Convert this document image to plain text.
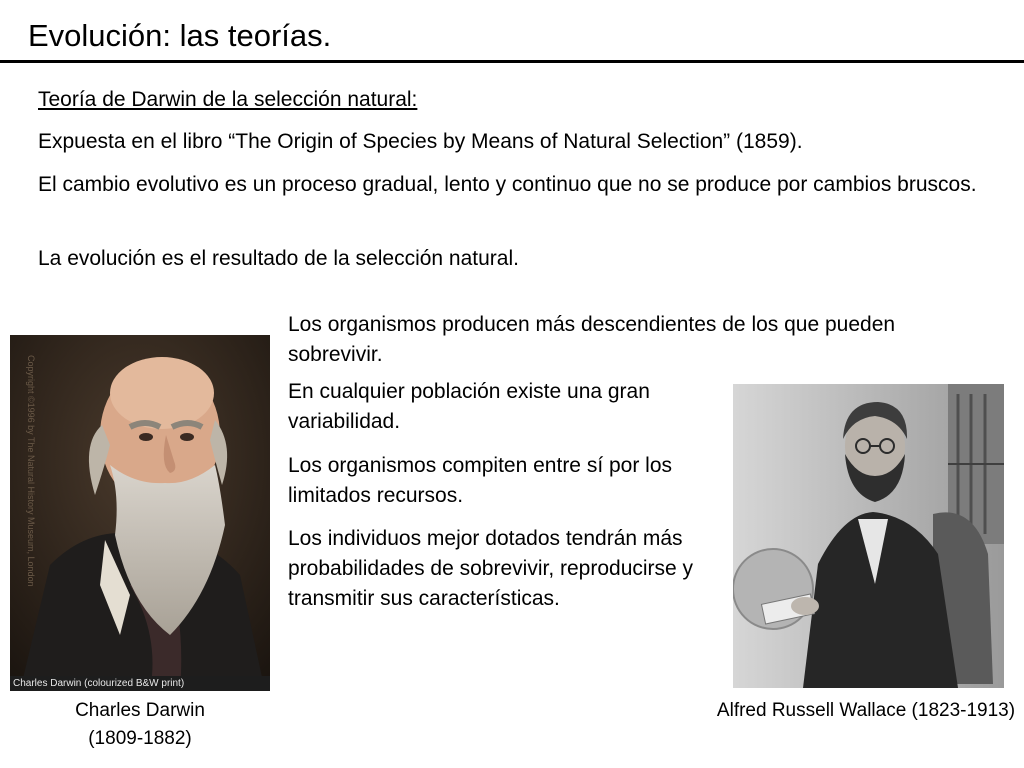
Evolución: las teorías.
Teoría de Darwin de la selección natural:
Expuesta en el libro “The Origin of Species by Means of Natural Selection” (1859).
El cambio evolutivo es un proceso gradual, lento y continuo que no se produce por cambios bruscos.
La evolución es el resultado de la selección natural.
Los organismos producen más descendientes de los que pueden sobrevivir.
En cualquier población existe una gran variabilidad.
Los organismos compiten entre sí por los limitados recursos.
Los individuos mejor dotados tendrán más probabilidades de sobrevivir, reproducirse y transmitir sus características.
Copyright ©1996 by The Natural History Museum, London
Charles Darwin (colourized B&W print)
Charles Darwin
(1809-1882)
Alfred Russell Wallace (1823-1913)
